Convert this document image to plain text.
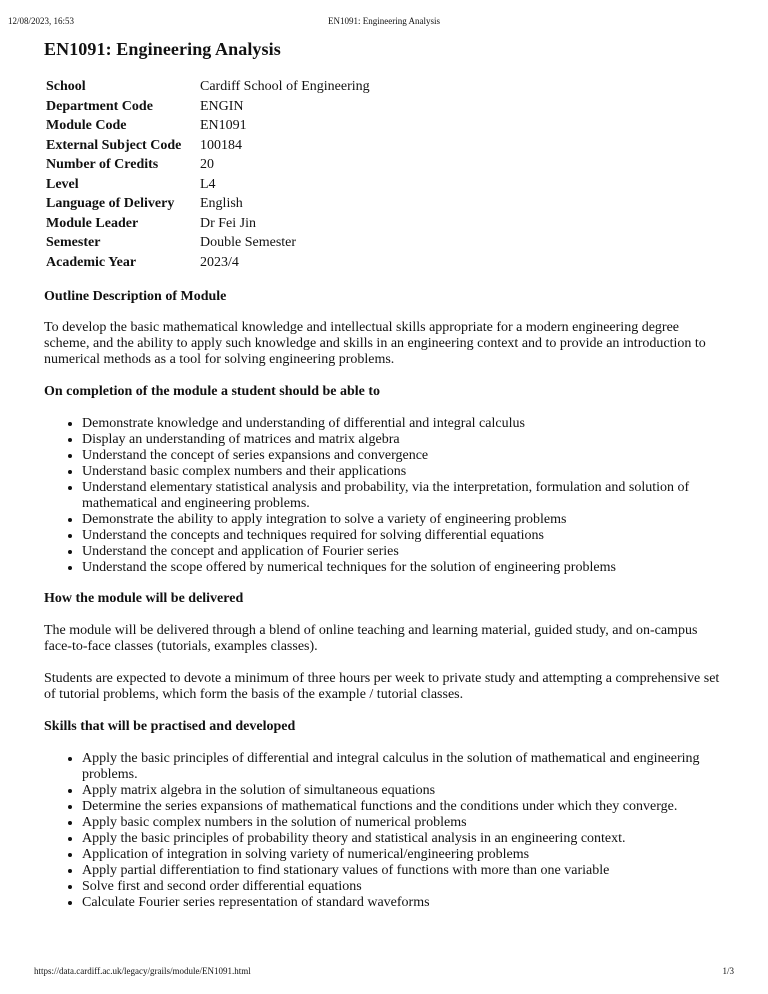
12/08/2023, 16:53	EN1091: Engineering Analysis
EN1091: Engineering Analysis
School	Cardiff School of Engineering
Department Code	ENGIN
Module Code	EN1091
External Subject Code	100184
Number of Credits	20
Level	L4
Language of Delivery	English
Module Leader	Dr Fei Jin
Semester	Double Semester
Academic Year	2023/4
Outline Description of Module

To develop the basic mathematical knowledge and intellectual skills appropriate for a modern engineering degree scheme, and the ability to apply such knowledge and skills in an engineering context and to provide an introduction to numerical methods as a tool for solving engineering problems.

On completion of the module a student should be able to
• Demonstrate knowledge and understanding of differential and integral calculus
• Display an understanding of matrices and matrix algebra
• Understand the concept of series expansions and convergence
• Understand basic complex numbers and their applications
• Understand elementary statistical analysis and probability, via the interpretation, formulation and solution of mathematical and engineering problems.
• Demonstrate the ability to apply integration to solve a variety of engineering problems
• Understand the concepts and techniques required for solving differential equations
• Understand the concept and application of Fourier series
• Understand the scope offered by numerical techniques for the solution of engineering problems
How the module will be delivered

The module will be delivered through a blend of online teaching and learning material, guided study, and on-campus face-to-face classes (tutorials, examples classes).

Students are expected to devote a minimum of three hours per week to private study and attempting a comprehensive set of tutorial problems, which form the basis of the example / tutorial classes.

Skills that will be practised and developed
• Apply the basic principles of differential and integral calculus in the solution of mathematical and engineering problems.
• Apply matrix algebra in the solution of simultaneous equations
• Determine the series expansions of mathematical functions and the conditions under which they converge.
• Apply basic complex numbers in the solution of numerical problems
• Apply the basic principles of probability theory and statistical analysis in an engineering context.
• Application of integration in solving variety of numerical/engineering problems
• Apply partial differentiation to find stationary values of functions with more than one variable
• Solve first and second order differential equations
• Calculate Fourier series representation of standard waveforms
https://data.cardiff.ac.uk/legacy/grails/module/EN1091.html	1/3
